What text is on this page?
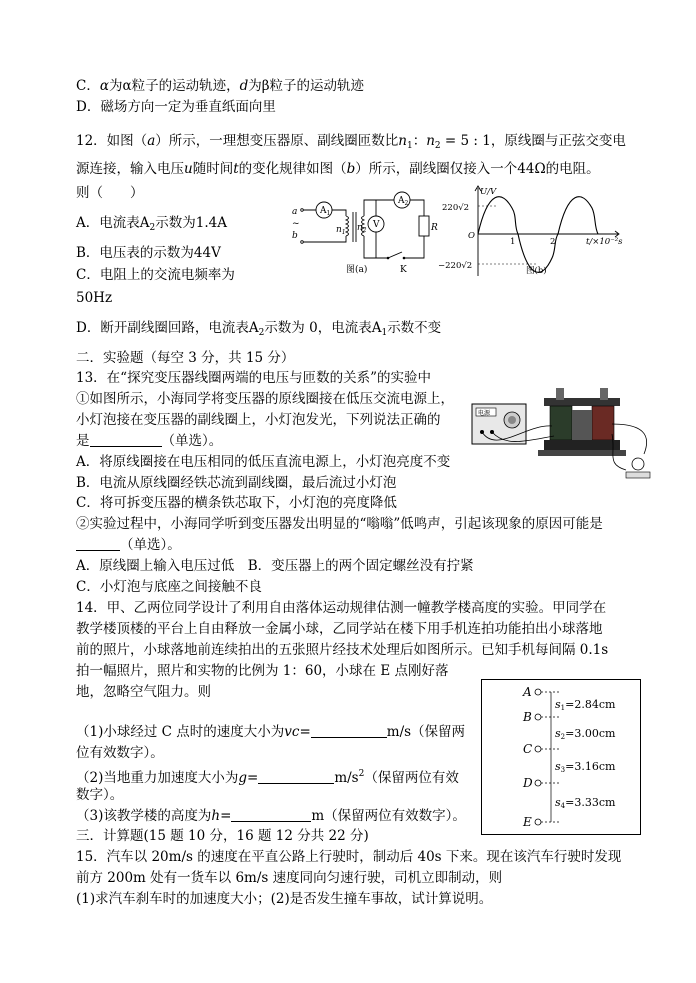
C．α为α粒子的运动轨迹，d为β粒子的运动轨迹
D．磁场方向一定为垂直纸面向里
12．如图（a）所示，一理想变压器原、副线圈匝数比$n_1$：$n_2 = 5$ : 1，原线圈与正弦交变电
源连接，输入电压u随时间t的变化规律如图（b）所示，副线圈仅接入一个44Ω的电阻。
则（　　）
A．电流表$A_2$示数为1.4A
B．电压表的示数为44V
C．电阻上的交流电频率为
50Hz
D．断开副线圈回路，电流表$A_2$示数为 0，电流表$A_1$示数不变
a
~
b
$A_1$
$A_2$
V
$n_1$ $n_2$	R
K
图(a)
U/V
220√2
−220√2
O
1	2	t/×10⁻²s
图(b)
二．实验题（每空 3 分，共 15 分）
13．在“探究变压器线圈两端的电压与匝数的关系”的实验中
①如图所示，小海同学将变压器的原线圈接在低压交流电源上，
小灯泡接在变压器的副线圈上，小灯泡发光，下列说法正确的
是	（单选）。
A．将原线圈接在电压相同的低压直流电源上，小灯泡亮度不变
B．电流从原线圈经铁芯流到副线圈，最后流过小灯泡
C．将可拆变压器的横条铁芯取下，小灯泡的亮度降低
②实验过程中，小海同学听到变压器发出明显的“嗡嗡”低鸣声，引起该现象的原因可能是
（单选）。
A．原线圈上输入电压过低　B．变压器上的两个固定螺丝没有拧紧
C．小灯泡与底座之间接触不良
电源
14．甲、乙两位同学设计了利用自由落体运动规律估测一幢教学楼高度的实验。甲同学在
教学楼顶楼的平台上自由释放一金属小球，乙同学站在楼下用手机连拍功能拍出小球落地
前的照片，小球落地前连续拍出的五张照片经技术处理后如图所示。已知手机每间隔 0.1s
拍一幅照片，照片和实物的比例为 1：60，小球在 E 点刚好落
地，忽略空气阻力。则
（1)小球经过 C 点时的速度大小为vc=	m/s（保留两
位有效数字）。
（2)当地重力加速度大小为g=	$m/s^2$（保留两位有效
数字）。
（3)该教学楼的高度为h=	m（保留两位有效数字）。
A
B
C
D
E
s1=2.84cm
s2=3.00cm
s3=3.16cm
s4=3.33cm
三．计算题(15 题 10 分，16 题 12 分共 22 分)
15．汽车以 20m/s 的速度在平直公路上行驶时，制动后 40s 下来。现在该汽车行驶时发现
前方 200m 处有一货车以 6m/s 速度同向匀速行驶，司机立即制动，则
(1)求汽车刹车时的加速度大小；(2)是否发生撞车事故，试计算说明。
